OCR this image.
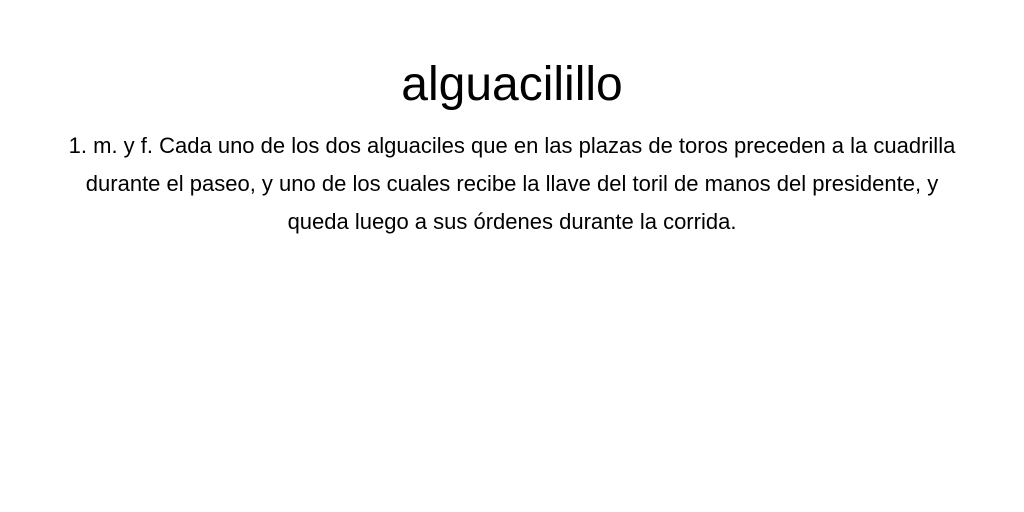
alguacilillo

1. m. y f. Cada uno de los dos alguaciles que en las plazas de toros preceden a la cuadrilla durante el paseo, y uno de los cuales recibe la llave del toril de manos del presidente, y queda luego a sus órdenes durante la corrida.
